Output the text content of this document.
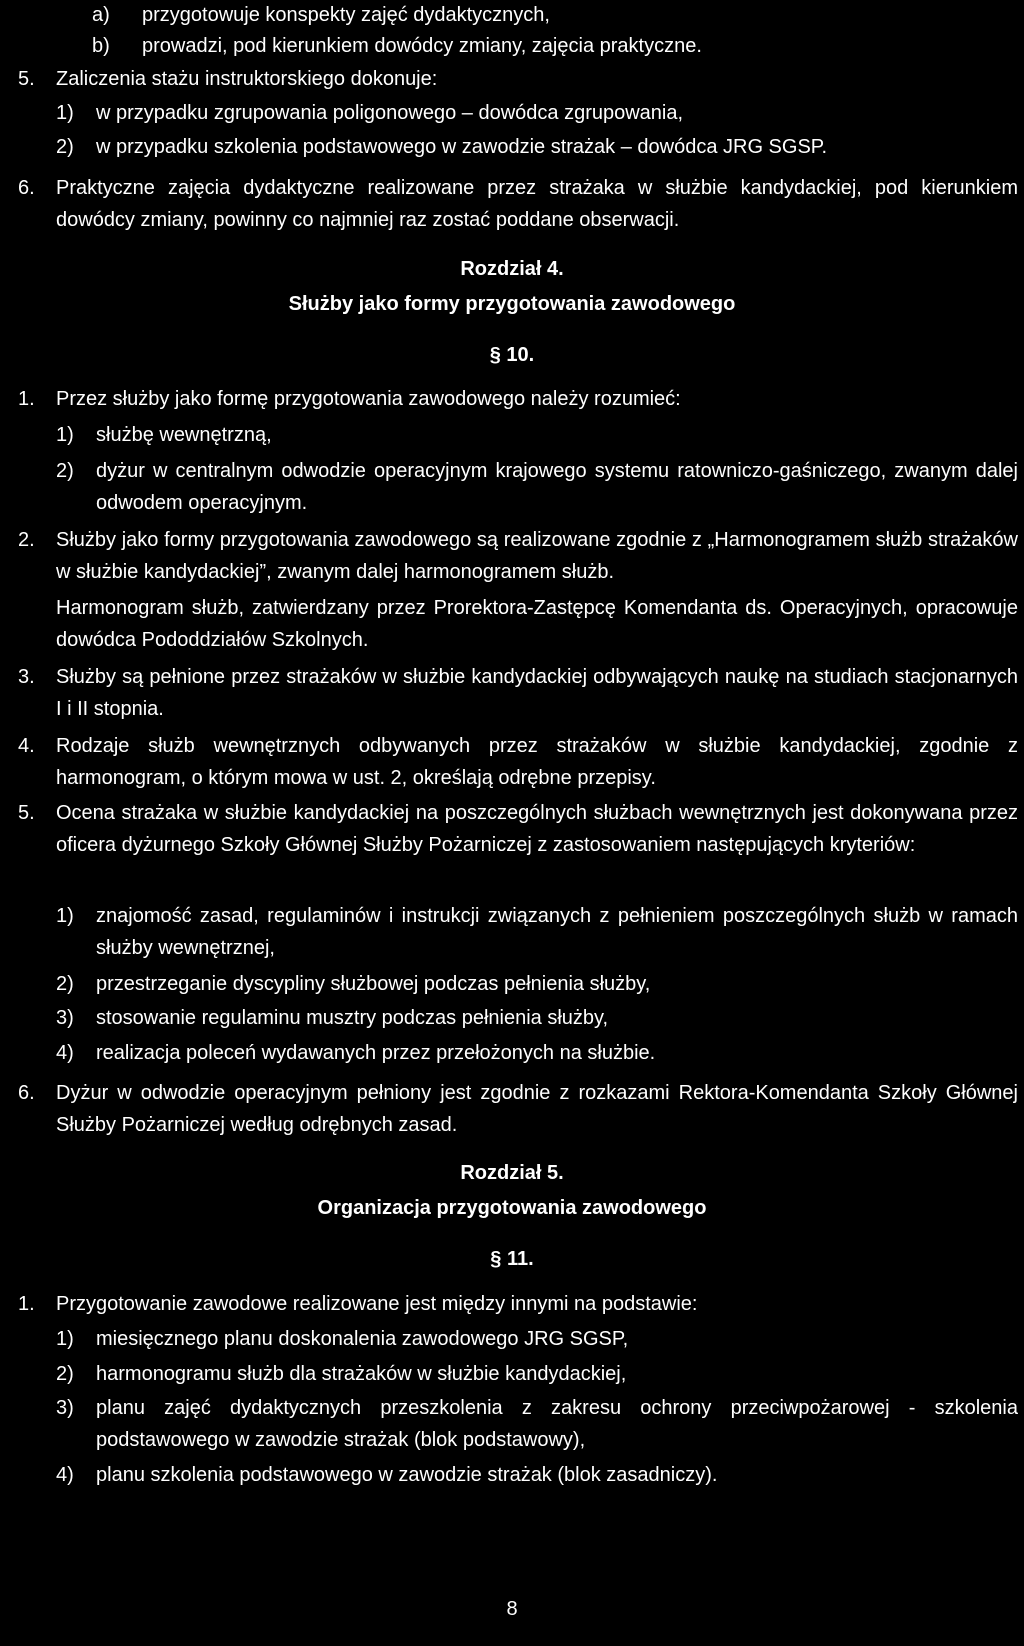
a)	przygotowuje konspekty zajęć dydaktycznych,
b)	prowadzi, pod kierunkiem dowódcy zmiany, zajęcia praktyczne.
5.	Zaliczenia stażu instruktorskiego dokonuje:
1)	w przypadku zgrupowania poligonowego – dowódca zgrupowania,
2)	w przypadku szkolenia podstawowego w zawodzie strażak – dowódca JRG SGSP.
6.	Praktyczne zajęcia dydaktyczne realizowane przez strażaka w służbie kandydackiej, pod kierunkiem dowódcy zmiany, powinny co najmniej raz zostać poddane obserwacji.
Rozdział 4.
Służby jako formy przygotowania zawodowego
§ 10.
1.	Przez służby jako formę przygotowania zawodowego należy rozumieć:
1)	służbę wewnętrzną,
2)	dyżur w centralnym odwodzie operacyjnym krajowego systemu ratowniczo-gaśniczego, zwanym dalej odwodem operacyjnym.
2.	Służby jako formy przygotowania zawodowego są realizowane zgodnie z „Harmonogramem służb strażaków w służbie kandydackiej”, zwanym dalej harmonogramem służb.
Harmonogram służb, zatwierdzany przez Prorektora-Zastępcę Komendanta ds. Operacyjnych, opracowuje dowódca Pododdziałów Szkolnych.
3.	Służby są pełnione przez strażaków w służbie kandydackiej odbywających naukę na studiach stacjonarnych I i II stopnia.
4.	Rodzaje służb wewnętrznych odbywanych przez strażaków w służbie kandydackiej, zgodnie z harmonogram, o którym mowa w ust. 2, określają odrębne przepisy.
5.	Ocena strażaka w służbie kandydackiej na poszczególnych służbach wewnętrznych jest dokonywana przez oficera dyżurnego Szkoły Głównej Służby Pożarniczej z zastosowaniem następujących kryteriów:
1)	znajomość zasad, regulaminów i instrukcji związanych z pełnieniem poszczególnych służb w ramach służby wewnętrznej,
2)	przestrzeganie dyscypliny służbowej podczas pełnienia służby,
3)	stosowanie regulaminu musztry podczas pełnienia służby,
4)	realizacja poleceń wydawanych przez przełożonych na służbie.
6.	Dyżur w odwodzie operacyjnym pełniony jest zgodnie z rozkazami Rektora-Komendanta Szkoły Głównej Służby Pożarniczej według odrębnych zasad.
Rozdział 5.
Organizacja przygotowania zawodowego
§ 11.
1.	Przygotowanie zawodowe realizowane jest między innymi na podstawie:
1)	miesięcznego planu doskonalenia zawodowego JRG SGSP,
2)	harmonogramu służb dla strażaków w służbie kandydackiej,
3)	planu zajęć dydaktycznych przeszkolenia z zakresu ochrony przeciwpożarowej - szkolenia podstawowego w zawodzie strażak (blok podstawowy),
4)	planu szkolenia podstawowego w zawodzie strażak (blok zasadniczy).
8
